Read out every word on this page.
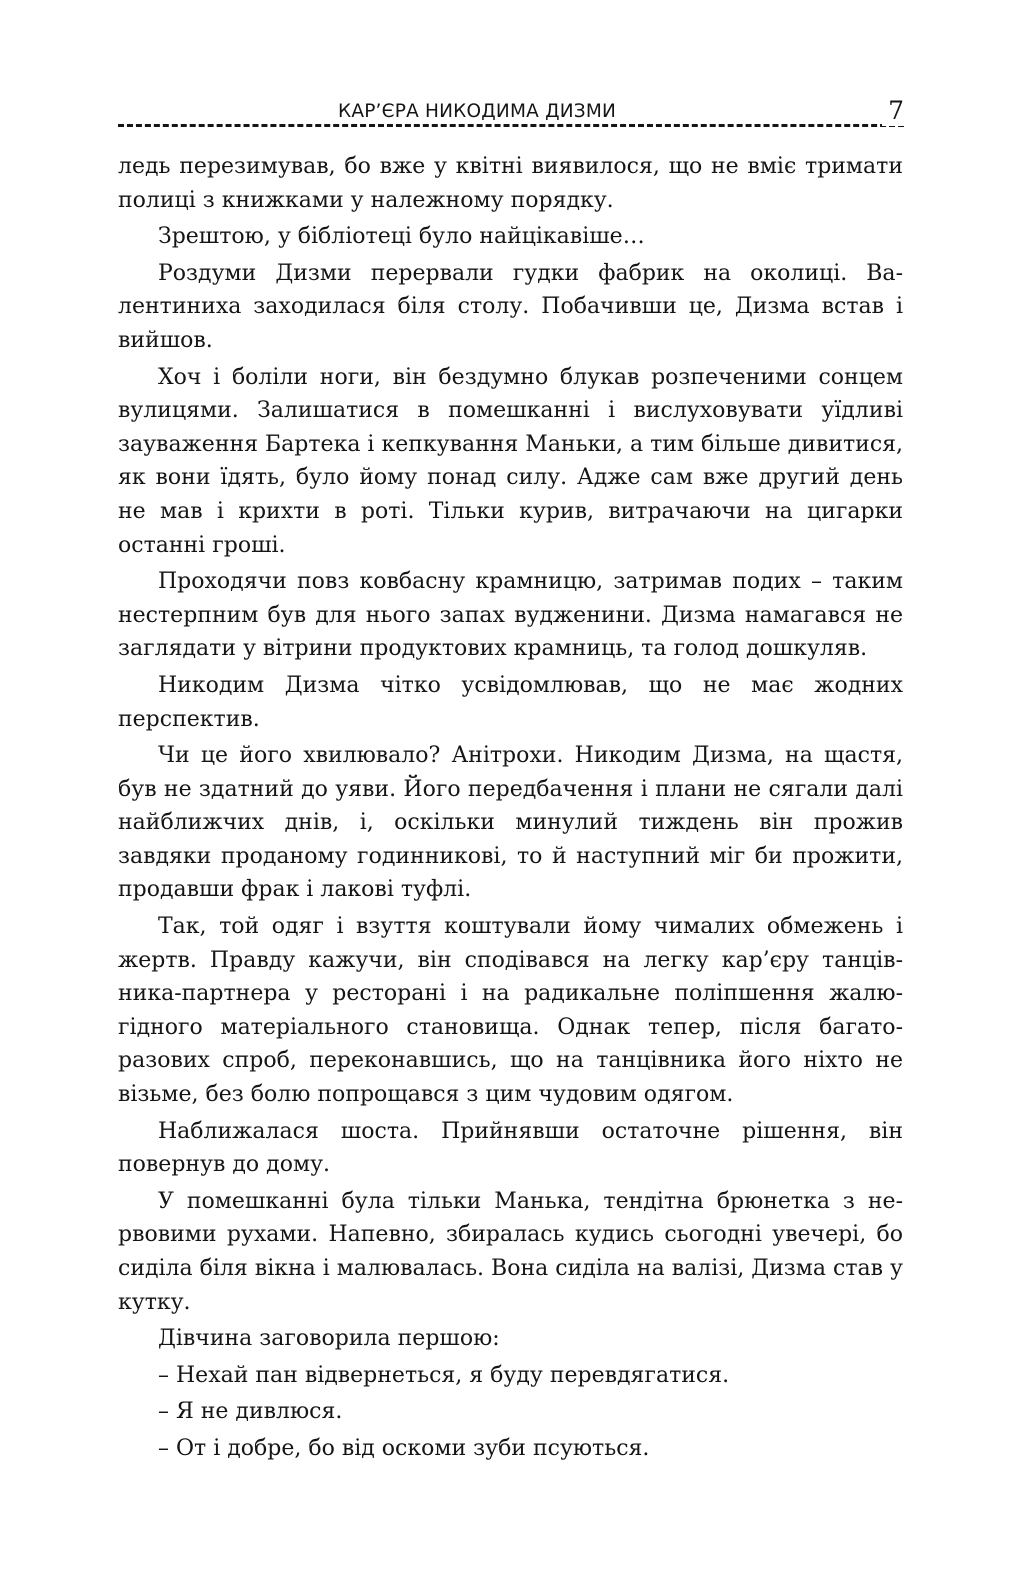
КАР’ЄРА НИКОДИМА ДИЗМИ	7

ледь перезимував, бо вже у квітні виявилося, що не вміє тримати полиці з книжками у належному порядку.

Зрештою, у бібліотеці було найцікавіше…

Роздуми Дизми перервали гудки фабрик на околиці. Валентиниха заходилася біля столу. Побачивши це, Дизма встав і вийшов.

Хоч і боліли ноги, він бездумно блукав розпеченими сонцем вулицями. Залишатися в помешканні і вислуховувати уїдливі зауваження Бартека і кепкування Маньки, а тим більше дивитися, як вони їдять, було йому понад силу. Адже сам вже другий день не мав і крихти в роті. Тільки курив, витрачаючи на цигарки останні гроші.

Проходячи повз ковбасну крамницю, затримав подих – таким нестерпним був для нього запах вудженини. Дизма намагався не заглядати у вітрини продуктових крамниць, та голод дошкуляв.

Никодим Дизма чітко усвідомлював, що не має жодних перспектив.

Чи це його хвилювало? Анітрохи. Никодим Дизма, на щастя, був не здатний до уяви. Його передбачення і плани не сягали далі найближчих днів, і, оскільки минулий тиждень він прожив завдяки проданому годинникові, то й наступний міг би прожити, продавши фрак і лакові туфлі.

Так, той одяг і взуття коштували йому чималих обмежень і жертв. Правду кажучи, він сподівався на легку кар’єру танцівника-партнера у ресторані і на радикальне поліпшення жалюгідного матеріального становища. Однак тепер, після багаторазових спроб, переконавшись, що на танцівника його ніхто не візьме, без болю попрощався з цим чудовим одягом.

Наближалася шоста. Прийнявши остаточне рішення, він повернув до дому.

У помешканні була тільки Манька, тендітна брюнетка з нервовими рухами. Напевно, збиралась кудись сьогодні увечері, бо сиділа біля вікна і малювалась. Вона сиділа на валізі, Дизма став у кутку.

Дівчина заговорила першою:

– Нехай пан відвернеться, я буду перевдягатися.

– Я не дивлюся.

– От і добре, бо від оскоми зуби псуються.
